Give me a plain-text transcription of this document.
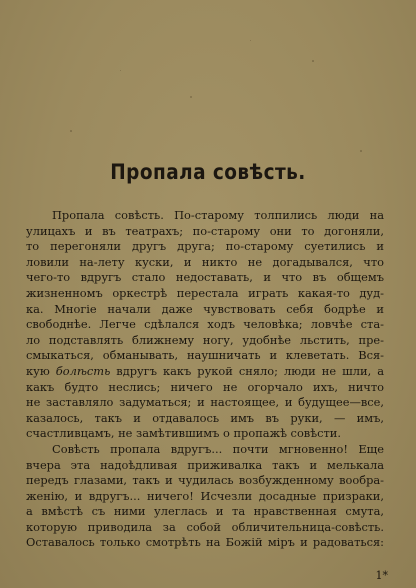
Пропала совѣсть.
Пропала совѣсть. По-старому толпились люди на
улицахъ и въ театрахъ; по-старому они то догоняли,
то перегоняли другъ друга; по-старому суетились и
ловили на-лету куски, и никто не догадывался, что
чего-то вдругъ стало недоставать, и что въ общемъ
жизненномъ оркестрѣ перестала играть какая-то дуд-
ка. Многіе начали даже чувствовать себя бодрѣе и
свободнѣе. Легче сдѣлался ходъ человѣка; ловчѣе ста-
ло подставлять ближнему ногу, удобнѣе льстить, пре-
смыкаться, обманывать, наушничать и клеветать. Вся-
кую болѣсть вдругъ какъ рукой сняло; люди не шли, а
какъ будто неслись; ничего не огорчало ихъ, ничто
не заставляло задуматься; и настоящее, и будущее—все,
казалось, такъ и отдавалось имъ въ руки, — имъ,
счастливцамъ, не замѣтившимъ о пропажѣ совѣсти.
Совѣсть пропала вдругъ... почти мгновенно! Еще
вчера эта надоѣдливая приживалка такъ и мелькала
передъ глазами, такъ и чудилась возбужденному вообра-
женію, и вдругъ... ничего! Исчезли досадные призраки,
а вмѣстѣ съ ними улеглась и та нравственная смута,
которую приводила за собой обличительница-совѣсть.
Оставалось только смотрѣть на Божій міръ и радоваться:
1*
